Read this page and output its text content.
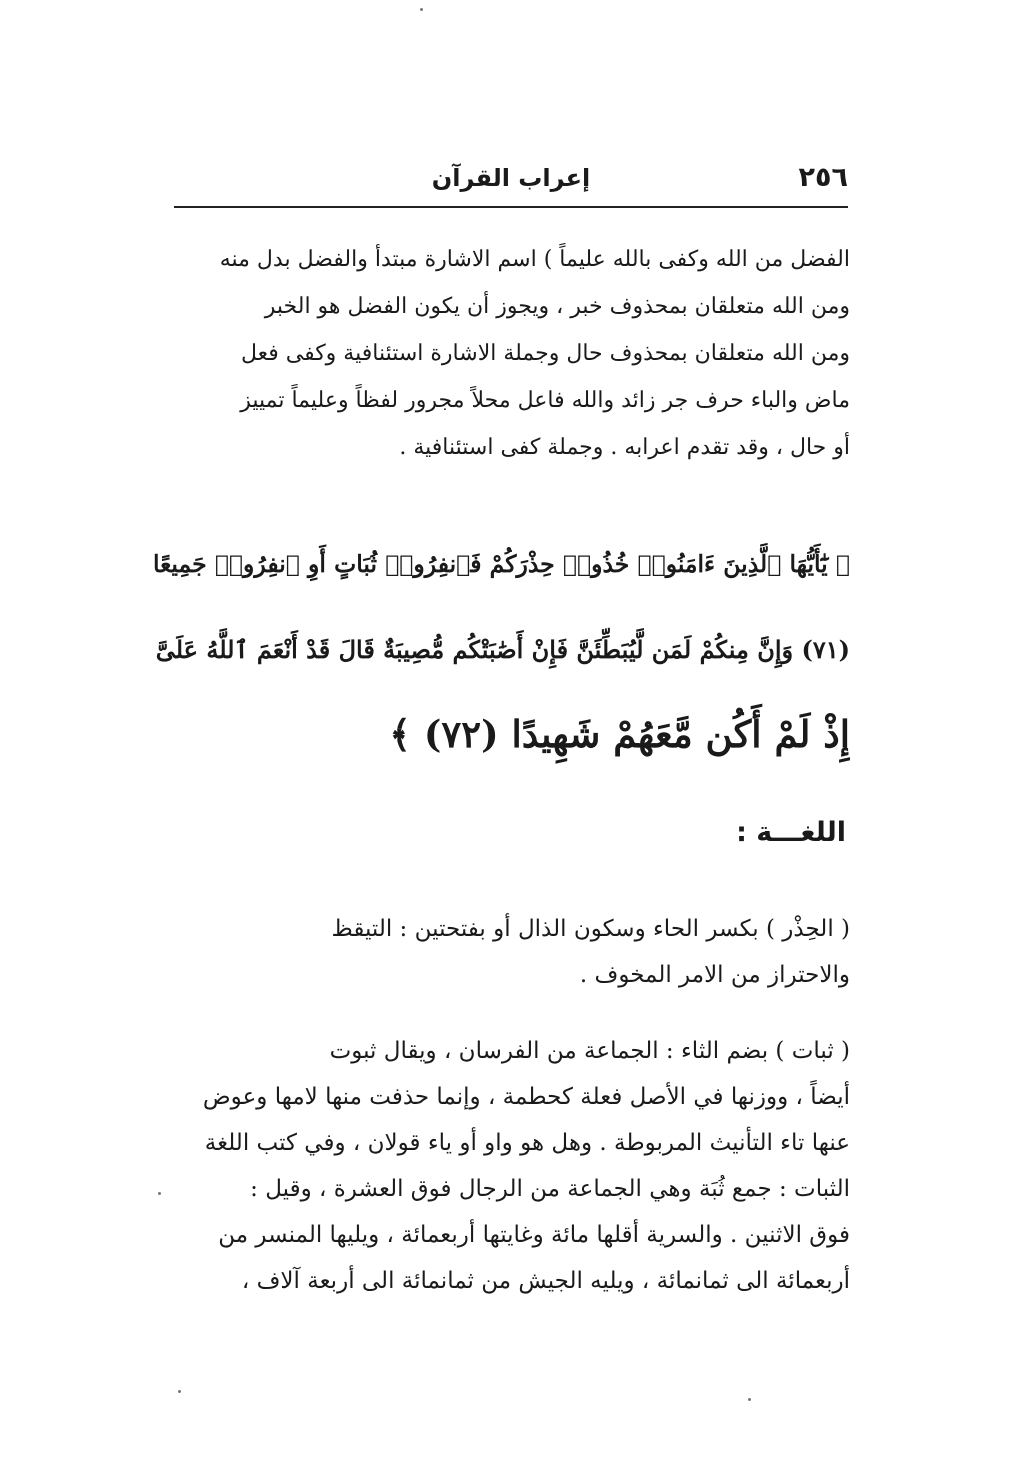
٢٥٦
إعراب القرآن
الفضل من الله وكفى بالله عليماً ) اسم الاشارة مبتدأ والفضل بدل منه
ومن الله متعلقان بمحذوف خبر ، ويجوز أن يكون الفضل هو الخبر
ومن الله متعلقان بمحذوف حال وجملة الاشارة استئنافية وكفى فعل
ماض والباء حرف جر زائد والله فاعل محلاً مجرور لفظاً وعليماً تمييز
أو حال ، وقد تقدم اعرابه . وجملة كفى استئنافية .
﴿ يَٰٓأَيُّهَا ٱلَّذِينَ ءَامَنُوا۟ خُذُوا۟ حِذْرَكُمْ فَٱنفِرُوا۟ ثُبَاتٍ أَوِ ٱنفِرُوا۟ جَمِيعًا
(٧١) وَإِنَّ مِنكُمْ لَمَن لَّيُبَطِّئَنَّ فَإِنْ أَصَٰبَتْكُم مُّصِيبَةٌ قَالَ قَدْ أَنْعَمَ ٱللَّهُ عَلَىَّ
إِذْ لَمْ أَكُن مَّعَهُمْ شَهِيدًا (٧٢) ﴾
اللغـــة :
( الحِذْر ) بكسر الحاء وسكون الذال أو بفتحتين : التيقظ
والاحتراز من الامر المخوف .
( ثبات ) بضم الثاء : الجماعة من الفرسان ، ويقال ثبوت
أيضاً ، ووزنها في الأصل فعلة كحطمة ، وإنما حذفت منها لامها وعوض
عنها تاء التأنيث المربوطة . وهل هو واو أو ياء قولان ، وفي كتب اللغة
الثبات : جمع ثُبَة وهي الجماعة من الرجال فوق العشرة ، وقيل :
فوق الاثنين . والسرية أقلها مائة وغايتها أربعمائة ، ويليها المنسر من
أربعمائة الى ثمانمائة ، ويليه الجيش من ثمانمائة الى أربعة آلاف ،
